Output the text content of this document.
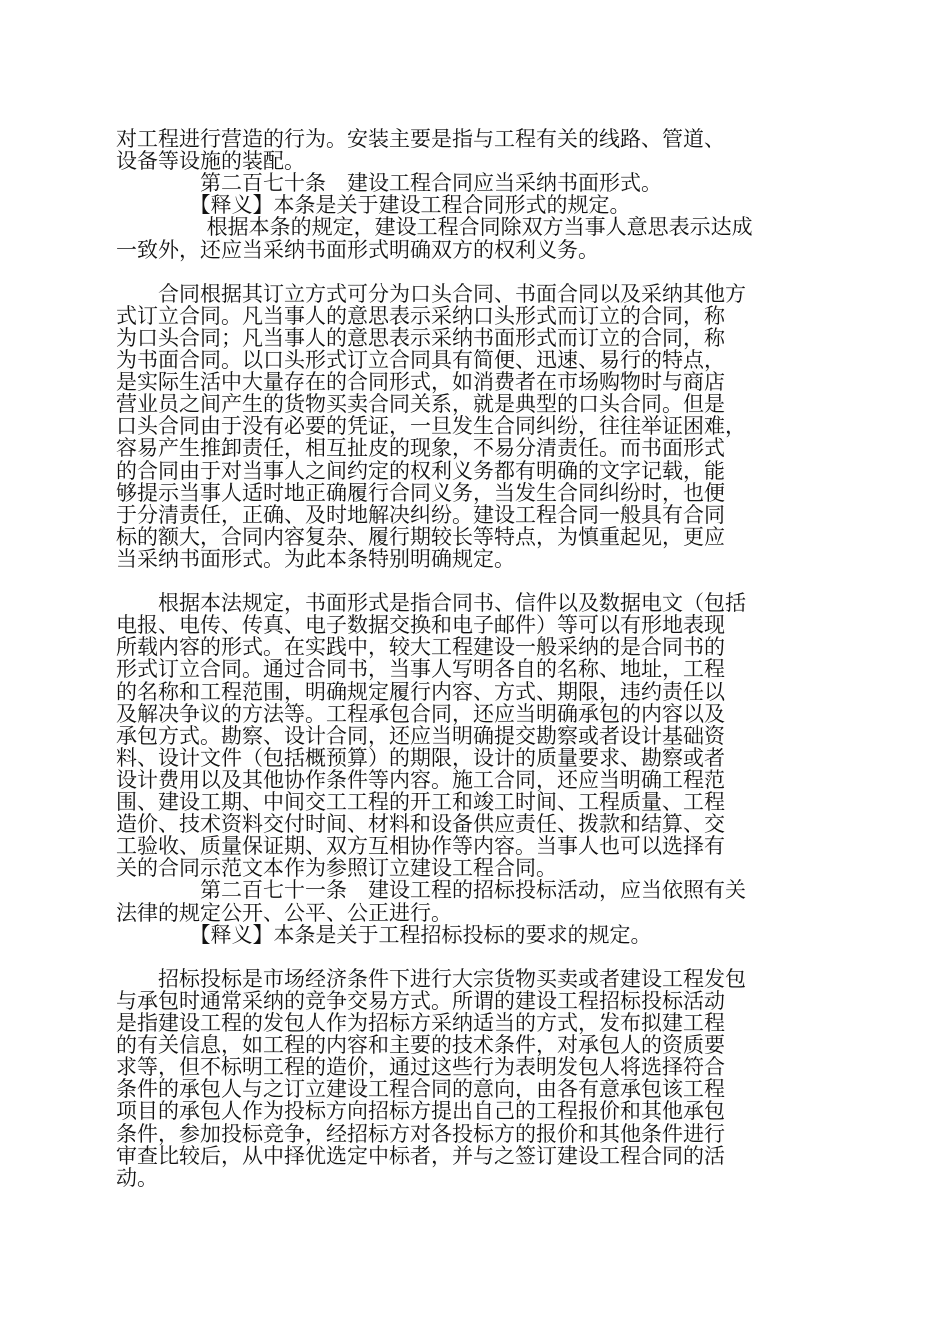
对工程进行营造的行为。安装主要是指与工程有关的线路、管道、
设备等设施的装配。
　　　　第二百七十条　建设工程合同应当采纳书面形式。
　　　　【释义】本条是关于建设工程合同形式的规定。
　　　　 根据本条的规定，建设工程合同除双方当事人意思表示达成
一致外，还应当采纳书面形式明确双方的权利义务。
　　合同根据其订立方式可分为口头合同、书面合同以及采纳其他方
式订立合同。凡当事人的意思表示采纳口头形式而订立的合同，称
为口头合同；凡当事人的意思表示采纳书面形式而订立的合同，称
为书面合同。以口头形式订立合同具有简便、迅速、易行的特点，
是实际生活中大量存在的合同形式，如消费者在市场购物时与商店
营业员之间产生的货物买卖合同关系，就是典型的口头合同。但是
口头合同由于没有必要的凭证，一旦发生合同纠纷，往往举证困难，
容易产生推卸责任，相互扯皮的现象，不易分清责任。而书面形式
的合同由于对当事人之间约定的权利义务都有明确的文字记载，能
够提示当事人适时地正确履行合同义务，当发生合同纠纷时，也便
于分清责任，正确、及时地解决纠纷。建设工程合同一般具有合同
标的额大，合同内容复杂、履行期较长等特点，为慎重起见，更应
当采纳书面形式。为此本条特别明确规定。
　　根据本法规定，书面形式是指合同书、信件以及数据电文（包括
电报、电传、传真、电子数据交换和电子邮件）等可以有形地表现
所载内容的形式。在实践中，较大工程建设一般采纳的是合同书的
形式订立合同。通过合同书，当事人写明各自的名称、地址，工程
的名称和工程范围，明确规定履行内容、方式、期限，违约责任以
及解决争议的方法等。工程承包合同，还应当明确承包的内容以及
承包方式。勘察、设计合同，还应当明确提交勘察或者设计基础资
料、设计文件（包括概预算）的期限，设计的质量要求、勘察或者
设计费用以及其他协作条件等内容。施工合同，还应当明确工程范
围、建设工期、中间交工工程的开工和竣工时间、工程质量、工程
造价、技术资料交付时间、材料和设备供应责任、拨款和结算、交
工验收、质量保证期、双方互相协作等内容。当事人也可以选择有
关的合同示范文本作为参照订立建设工程合同。
　　　　第二百七十一条　建设工程的招标投标活动，应当依照有关
法律的规定公开、公平、公正进行。
　　　　【释义】本条是关于工程招标投标的要求的规定。
　　招标投标是市场经济条件下进行大宗货物买卖或者建设工程发包
与承包时通常采纳的竞争交易方式。所谓的建设工程招标投标活动
是指建设工程的发包人作为招标方采纳适当的方式，发布拟建工程
的有关信息，如工程的内容和主要的技术条件，对承包人的资质要
求等，但不标明工程的造价，通过这些行为表明发包人将选择符合
条件的承包人与之订立建设工程合同的意向，由各有意承包该工程
项目的承包人作为投标方向招标方提出自己的工程报价和其他承包
条件，参加投标竞争，经招标方对各投标方的报价和其他条件进行
审查比较后，从中择优选定中标者，并与之签订建设工程合同的活
动。
